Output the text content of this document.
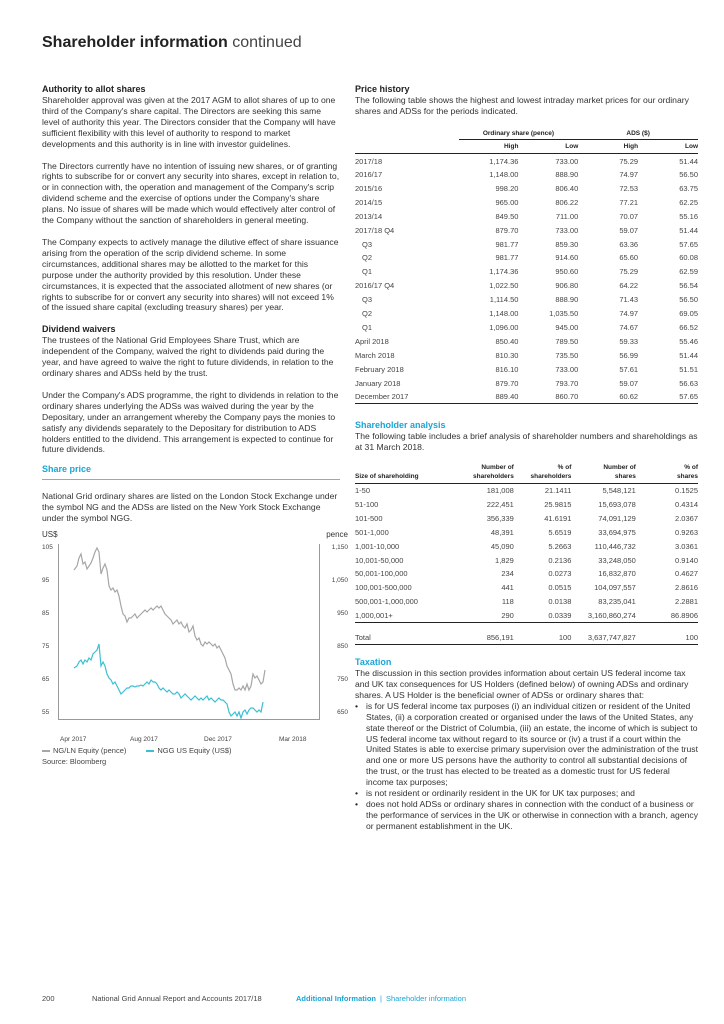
Shareholder information continued
Authority to allot shares

Shareholder approval was given at the 2017 AGM to allot shares of up to one third of the Company's share capital. The Directors are seeking this same level of authority this year. The Directors consider that the Company will have sufficient flexibility with this level of authority to respond to market developments and this authority is in line with investor guidelines.

The Directors currently have no intention of issuing new shares, or of granting rights to subscribe for or convert any security into shares, except in relation to, or in connection with, the operation and management of the Company's scrip dividend scheme and the exercise of options under the Company's share plans. No issue of shares will be made which would effectively alter control of the Company without the sanction of shareholders in general meeting.

The Company expects to actively manage the dilutive effect of share issuance arising from the operation of the scrip dividend scheme. In some circumstances, additional shares may be allotted to the market for this purpose under the authority provided by this resolution. Under these circumstances, it is expected that the associated allotment of new shares (or rights to subscribe for or convert any security into shares) will not exceed 1% of the issued share capital (excluding treasury shares) per year.

Dividend waivers

The trustees of the National Grid Employees Share Trust, which are independent of the Company, waived the right to dividends paid during the year, and have agreed to waive the right to future dividends, in relation to the ordinary shares and ADSs held by the trust.

Under the Company's ADS programme, the right to dividends in relation to the ordinary shares underlying the ADSs was waived during the year by the Depositary, under an arrangement whereby the Company pays the monies to satisfy any dividends separately to the Depositary for distribution to ADS holders entitled to the dividend. This arrangement is expected to continue for future dividends.

Share price

National Grid ordinary shares are listed on the London Stock Exchange under the symbol NG and the ADSs are listed on the New York Stock Exchange under the symbol NGG.

US$	pence
105
95
85
75
65
55
1,150
1,050
950
850
750
650
Apr 2017	Aug 2017	Dec 2017	Mar 2018
NG/LN Equity (pence)	NGG US Equity (US$)
Source: Bloomberg
Price history

The following table shows the highest and lowest intraday market prices for our ordinary shares and ADSs for the periods indicated.

	Ordinary share (pence)		ADS ($)	
	High	Low	High	Low
2017/18	1,174.36	733.00	75.29	51.44
2016/17	1,148.00	888.90	74.97	56.50
2015/16	998.20	806.40	72.53	63.75
2014/15	965.00	806.22	77.21	62.25
2013/14	849.50	711.00	70.07	55.16
2017/18 Q4	879.70	733.00	59.07	51.44
Q3	981.77	859.30	63.36	57.65
Q2	981.77	914.60	65.60	60.08
Q1	1,174.36	950.60	75.29	62.59
2016/17 Q4	1,022.50	906.80	64.22	56.54
Q3	1,114.50	888.90	71.43	56.50
Q2	1,148.00	1,035.50	74.97	69.05
Q1	1,096.00	945.00	74.67	66.52
April 2018	850.40	789.50	59.33	55.46
March 2018	810.30	735.50	56.99	51.44
February 2018	816.10	733.00	57.61	51.51
January 2018	879.70	793.70	59.07	56.63
December 2017	889.40	860.70	60.62	57.65
Shareholder analysis

The following table includes a brief analysis of shareholder numbers and shareholdings as at 31 March 2018.

Size of shareholding

Number of
shareholders

% of
shareholders

Number of
shares

% of
shares

1-50	181,008	21.1411	5,548,121	0.1525
51-100	222,451	25.9815	15,693,078	0.4314
101-500	356,339	41.6191	74,091,129	2.0367
501-1,000	48,391	5.6519	33,694,975	0.9263
1,001-10,000	45,090	5.2663	110,446,732	3.0361
10,001-50,000	1,829	0.2136	33,248,050	0.9140
50,001-100,000	234	0.0273	16,832,870	0.4627
100,001-500,000	441	0.0515	104,097,557	2.8616
500,001-1,000,000	118	0.0138	83,235,041	2.2881
1,000,001+	290	0.0339	3,160,860,274	86.8906

Total	856,191	100	3,637,747,827	100
Taxation

The discussion in this section provides information about certain US federal income tax and UK tax consequences for US Holders (defined below) of owning ADSs and ordinary shares. A US Holder is the beneficial owner of ADSs or ordinary shares that:

• is for US federal income tax purposes (i) an individual citizen or resident of the United States, (ii) a corporation created or organised under the laws of the United States, any state thereof or the District of Columbia, (iii) an estate, the income of which is subject to US federal income tax without regard to its source or (iv) a trust if a court within the United States is able to exercise primary supervision over the administration of the trust and one or more US persons have the authority to control all substantial decisions of the trust, or the trust has elected to be treated as a domestic trust for US federal income tax purposes;
• is not resident or ordinarily resident in the UK for UK tax purposes; and
• does not hold ADSs or ordinary shares in connection with the conduct of a business or the performance of services in the UK or otherwise in connection with a branch, agency or permanent establishment in the UK.
200	National Grid Annual Report and Accounts 2017/18	Additional Information | Shareholder information
